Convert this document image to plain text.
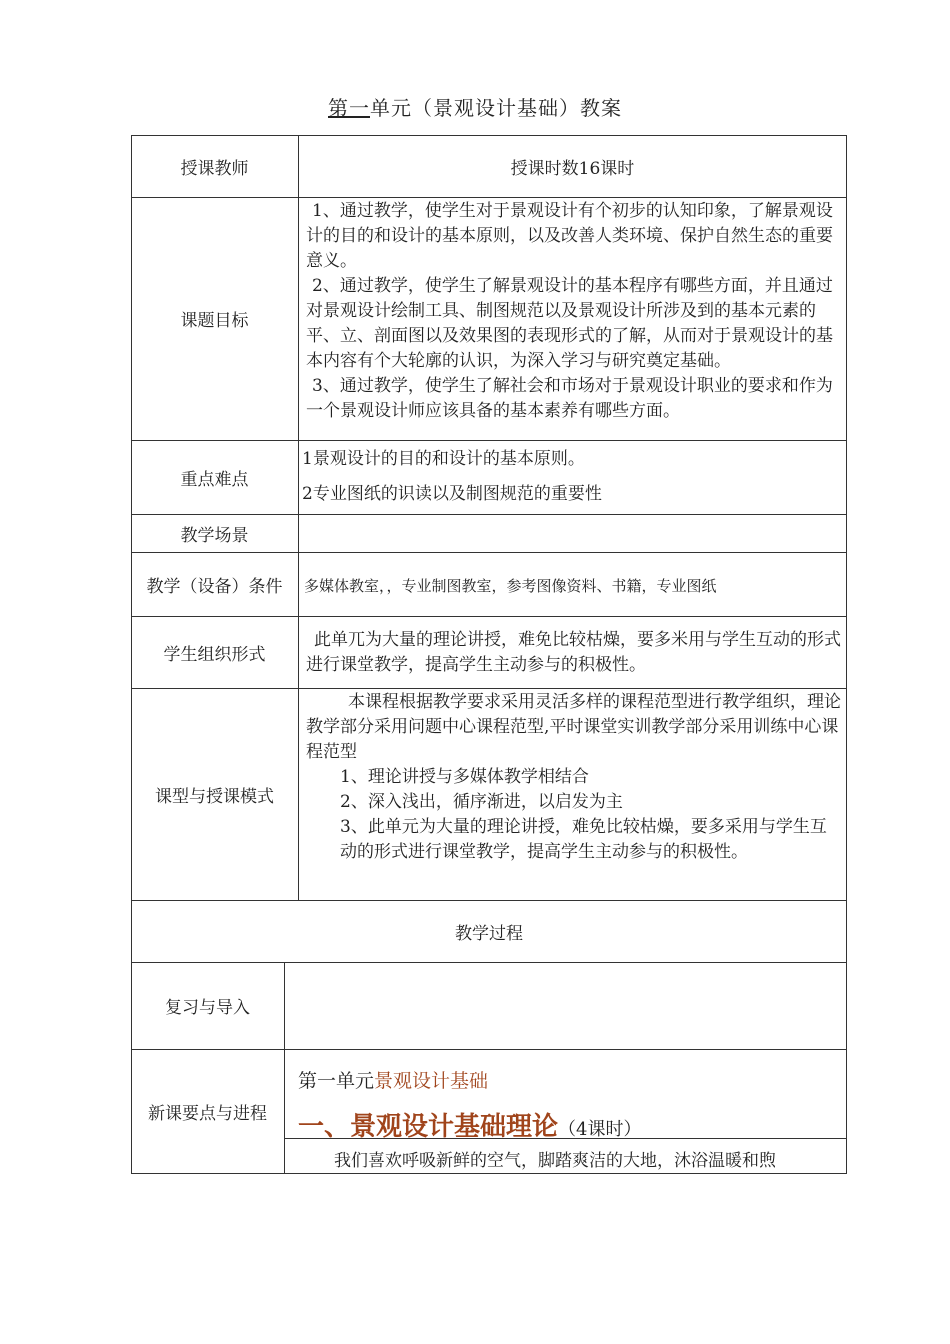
第一单元（景观设计基础）教案
授课教师	授课时数16课时
课题目标

1、通过教学，使学生对于景观设计有个初步的认知印象，了解景观设计的目的和设计的基本原则，以及改善人类环境、保护自然生态的重要意义。

2、通过教学，使学生了解景观设计的基本程序有哪些方面，并且通过对景观设计绘制工具、制图规范以及景观设计所涉及到的基本元素的平、立、剖面图以及效果图的表现形式的了解，从而对于景观设计的基本内容有个大轮廓的认识，为深入学习与研究奠定基础。

3、通过教学，使学生了解社会和市场对于景观设计职业的要求和作为一个景观设计师应该具备的基本素养有哪些方面。

重点难点

1景观设计的目的和设计的基本原则。

2专业图纸的识读以及制图规范的重要性

教学场景
教学（设备）条件	多媒体教室，，专业制图教室，参考图像资料、书籍，专业图纸
学生组织形式

此单兀为大量的理论讲授，难免比较枯燥，要多米用与学生互动的形式进行课堂教学，提高学生主动参与的积极性。

课型与授课模式

本课程根据教学要求采用灵活多样的课程范型进行教学组织，理论教学部分采用问题中心课程范型,平时课堂实训教学部分采用训练中心课程范型

1、理论讲授与多媒体教学相结合

2、深入浅出，循序渐进，以启发为主

3、此单元为大量的理论讲授，难免比较枯燥，要多采用与学生互动的形式进行课堂教学，提高学生主动参与的积极性。

教学过程
复习与导入
新课要点与进程
第一单元景观设计基础
一、景观设计基础理论（4课时）
我们喜欢呼吸新鲜的空气，脚踏爽洁的大地，沐浴温暖和煦
